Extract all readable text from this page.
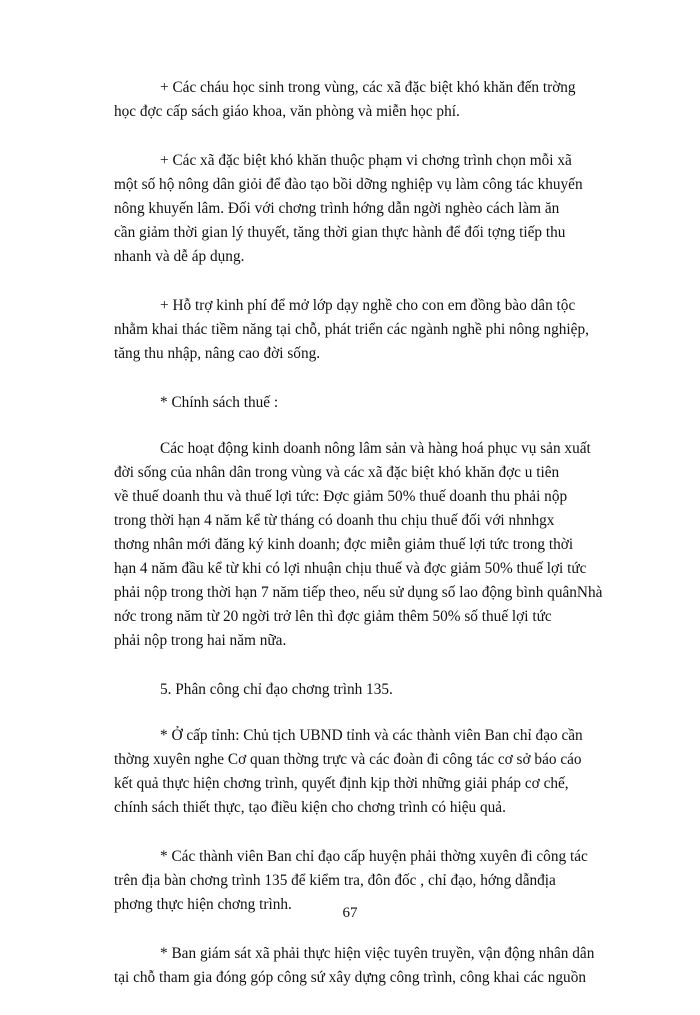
+ Các cháu học sinh trong vùng, các xã đặc biệt khó khăn đến trờng
học đợc cấp sách giáo khoa, văn phòng và miễn học phí.

+ Các xã đặc biệt khó khăn thuộc phạm vi chơng trình chọn mỗi xã
một số hộ nông dân giỏi để đào tạo bồi dỡng nghiệp vụ làm công tác khuyến
nông khuyến lâm. Đối với chơng trình hớng dẫn ngời nghèo cách làm ăn
cần giảm thời gian lý thuyết, tăng thời gian thực hành để đối tợng tiếp thu
nhanh và dễ áp dụng.

+ Hỗ trợ kinh phí để mở lớp dạy nghề cho con em đồng bào dân tộc
nhằm khai thác tiềm năng tại chỗ, phát triển các ngành nghề phi nông nghiệp,
tăng thu nhập, nâng cao đời sống.

* Chính sách thuế :

Các hoạt động kinh doanh nông lâm sản và hàng hoá phục vụ sản xuất
đời sống của nhân dân trong vùng và các xã đặc biệt khó khăn đợc u tiên
về thuế doanh thu và thuế lợi tức: Đợc giảm 50% thuế doanh thu phải nộp
trong thời hạn 4 năm kể từ tháng có doanh thu chịu thuế đối với nhnhgx
thơng nhân mới đăng ký kinh doanh; đợc miễn giảm thuế lợi tức trong thời
hạn 4 năm đầu kể từ khi có lợi nhuận chịu thuế và đợc giảm 50% thuế lợi tức
phải nộp trong thời hạn 7 năm tiếp theo, nếu sử dụng số lao động bình quânNhà
nớc trong năm từ 20 ngời trở lên thì đợc giảm thêm 50% số thuế lợi tức
phải nộp trong hai năm nữa.

5. Phân công chỉ đạo chơng trình 135.

* Ở cấp tỉnh: Chủ tịch UBND tỉnh và các thành viên Ban chỉ đạo cần
thờng xuyên nghe Cơ quan thờng trực và các đoàn đi công tác cơ sở báo cáo
kết quả thực hiện chơng trình, quyết định kịp thời những giải pháp cơ chế,
chính sách thiết thực, tạo điều kiện cho chơng trình có hiệu quả.

* Các thành viên Ban chỉ đạo cấp huyện phải thờng xuyên đi công tác
trên địa bàn chơng trình 135 để kiểm tra, đôn đốc , chỉ đạo, hớng dẫnđịa
phơng thực hiện chơng trình.

* Ban giám sát xã phải thực hiện việc tuyên truyền, vận động nhân dân
tại chỗ tham gia đóng góp công sứ xây dựng công trình, công khai các nguồn

67
